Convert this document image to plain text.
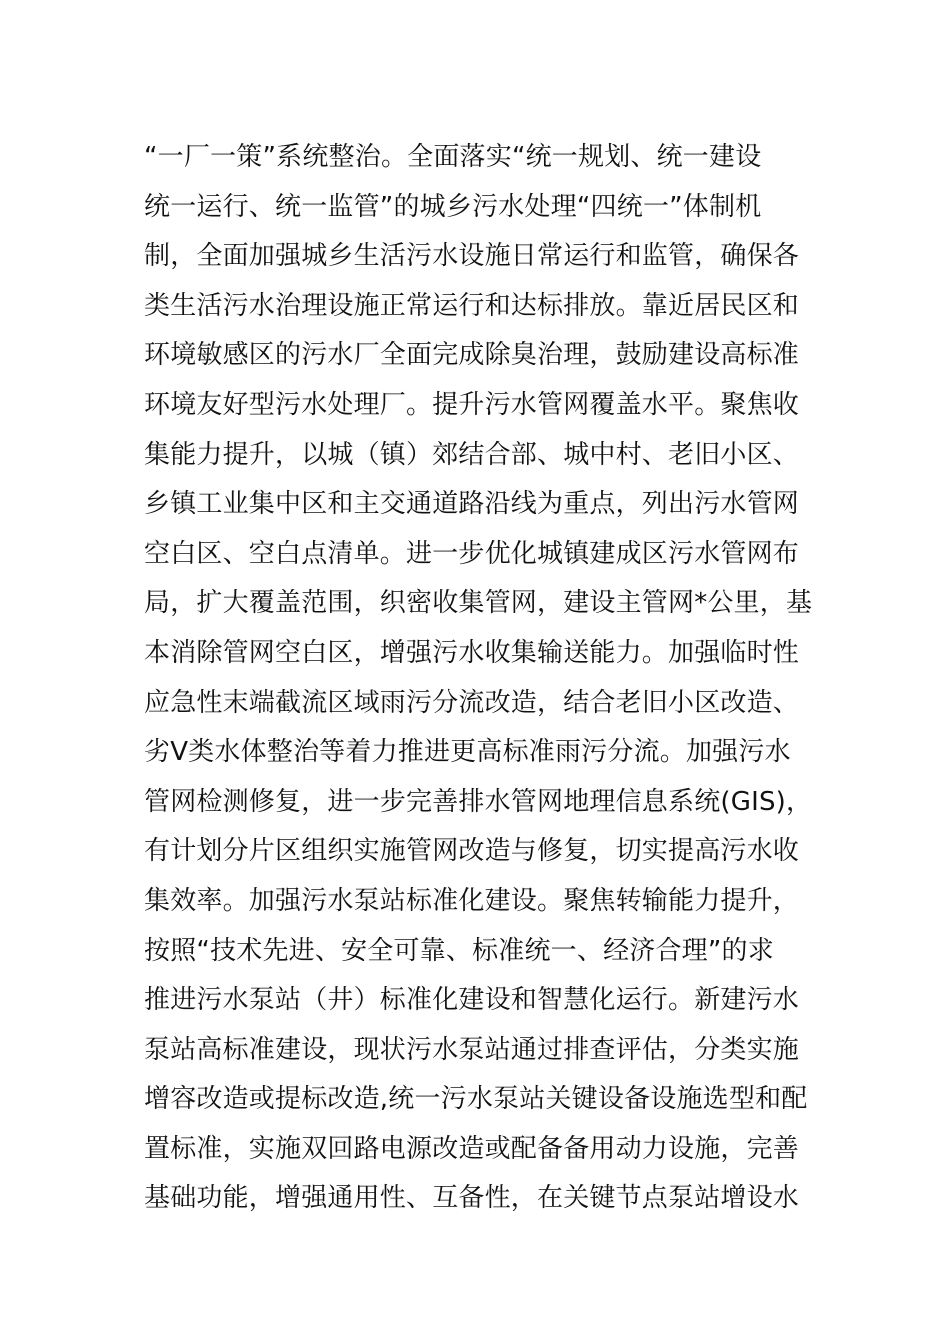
“一厂一策”系统整治。全面落实“统一规划、统一建设
统一运行、统一监管”的城乡污水处理“四统一”体制机
制，全面加强城乡生活污水设施日常运行和监管，确保各
类生活污水治理设施正常运行和达标排放。靠近居民区和
环境敏感区的污水厂全面完成除臭治理，鼓励建设高标准
环境友好型污水处理厂。提升污水管网覆盖水平。聚焦收
集能力提升，以城（镇）郊结合部、城中村、老旧小区、
乡镇工业集中区和主交通道路沿线为重点，列出污水管网
空白区、空白点清单。进一步优化城镇建成区污水管网布
局，扩大覆盖范围，织密收集管网，建设主管网*公里，基
本消除管网空白区，增强污水收集输送能力。加强临时性
应急性末端截流区域雨污分流改造，结合老旧小区改造、
劣Ⅴ类水体整治等着力推进更高标准雨污分流。加强污水
管网检测修复，进一步完善排水管网地理信息系统(GIS)，
有计划分片区组织实施管网改造与修复，切实提高污水收
集效率。加强污水泵站标准化建设。聚焦转输能力提升，
按照“技术先进、安全可靠、标准统一、经济合理”的求
推进污水泵站（井）标准化建设和智慧化运行。新建污水
泵站高标准建设，现状污水泵站通过排查评估，分类实施
增容改造或提标改造,统一污水泵站关键设备设施选型和配
置标准，实施双回路电源改造或配备备用动力设施，完善
基础功能，增强通用性、互备性，在关键节点泵站增设水
